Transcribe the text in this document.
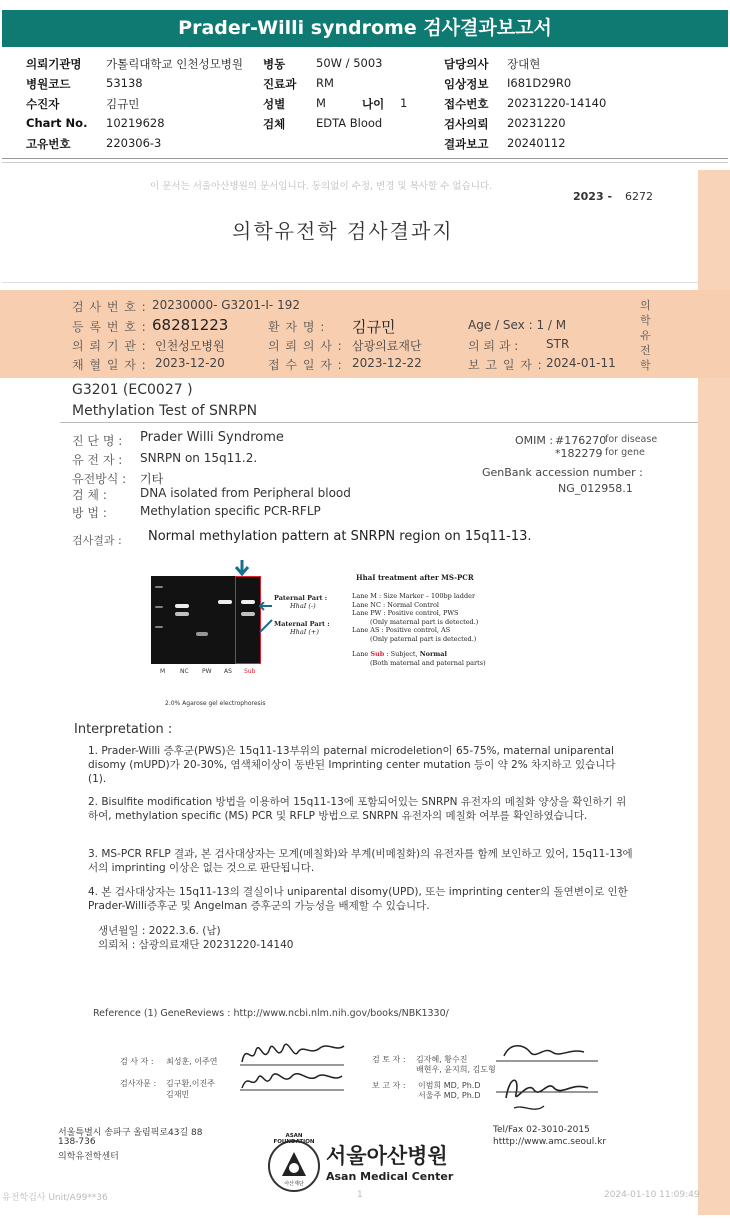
Prader-Willi syndrome 검사결과보고서
의뢰기관명 가톨릭대학교 인천성모병원 병동	50W / 5003	담당의사 장대현
병원코드	53138	진료과 RM	임상정보 I681D29R0
수진자	김규민	성별	M	나이 1	접수번호 20231220-14140
Chart No. 10219628	검체	EDTA Blood	검사의뢰 20231220
고유번호	220306-3	결과보고 20240112
이 문서는 서울아산병원의 문서입니다. 동의없이 수정, 변경 및 복사할 수 없습니다.
2023 - 6272
의학유전학 검사결과지
검 사 번 호 : 20230000- G3201-I- 192
등 록 번 호 : 68281223	환 자 명 : 김규민	Age / Sex : 1 / M
의 뢰 기 관 : 인천성모병원	의 뢰 의 사 : 삼광의료재단	의 뢰 과 : STR
채 혈 일 자 : 2023-12-20	접 수 일 자 : 2023-12-22	보 고 일 자 : 2024-01-11
의
학
유
전
학
G3201 (EC0027 )
Methylation Test of SNRPN
진 단 명 : Prader Willi Syndrome
유 전 자 : SNRPN on 15q11.2.
유전방식 : 기타
검 체 :	DNA isolated from Peripheral blood
방 법 :	Methylation specific PCR-RFLP
OMIM : #176270
for disease
*182279 for gene
GenBank accession number :
NG_012958.1
검사결과 : Normal methylation pattern at SNRPN region on 15q11-13.
M NC PW AS Sub
2.0% Agarose gel electrophoresis
Paternal Part :
HhaI (-)
Maternal Part :
HhaI (+)
HhaI treatment after MS-PCR
Lane M : Size Marker – 100bp ladder
Lane NC : Normal Control
Lane PW : Positive control, PWS
(Only maternal part is detected.)
Lane AS : Positive control, AS
(Only paternal part is detected.)
Lane Sub : Subject, Normal
(Both maternal and paternal parts)
Interpretation :
1. Prader-Willi 증후군(PWS)은 15q11-13부위의 paternal microdeletion이 65-75%, maternal uniparental disomy (mUPD)가 20-30%, 염색체이상이 동반된 Imprinting center mutation 등이 약 2% 차지하고 있습니다 (1).
2. Bisulfite modification 방법을 이용하여 15q11-13에 포함되어있는 SNRPN 유전자의 메칠화 양상을 확인하기 위하여, methylation specific (MS) PCR 및 RFLP 방법으로 SNRPN 유전자의 메칠화 여부를 확인하였습니다.
3. MS-PCR RFLP 결과, 본 검사대상자는 모계(메칠화)와 부계(비메칠화)의 유전자를 함께 보인하고 있어, 15q11-13에서의 imprinting 이상은 없는 것으로 판단됩니다.
4. 본 검사대상자는 15q11-13의 결실이나 uniparental disomy(UPD), 또는 imprinting center의 돌연변이로 인한 Prader-Willi증후군 및 Angelman 증후군의 가능성을 배제할 수 있습니다.
생년월일 : 2022.3.6. (남)
의뢰처 : 삼광의료재단 20231220-14140
Reference (1) GeneReviews : http://www.ncbi.nlm.nih.gov/books/NBK1330/
검 사 자 : 최성훈, 이주연
검사자문 : 김구환,이진주
김재민
검 토 자 : 김자혜, 황수진
배현우, 윤지희, 김도형
보 고 자 : 이범희 MD, Ph.D
서울주 MD, Ph.D
서울특별시 송파구 올림픽로43길 88
138-736
의학유전학센터
ASAN FOUNDATION
아산재단
서울아산병원
Asan Medical Center
Tel/Fax 02-3010-2015
htttp://www.amc.seoul.kr
유전학검사 Unit/A99**36	1	2024-01-10 11:09:49
